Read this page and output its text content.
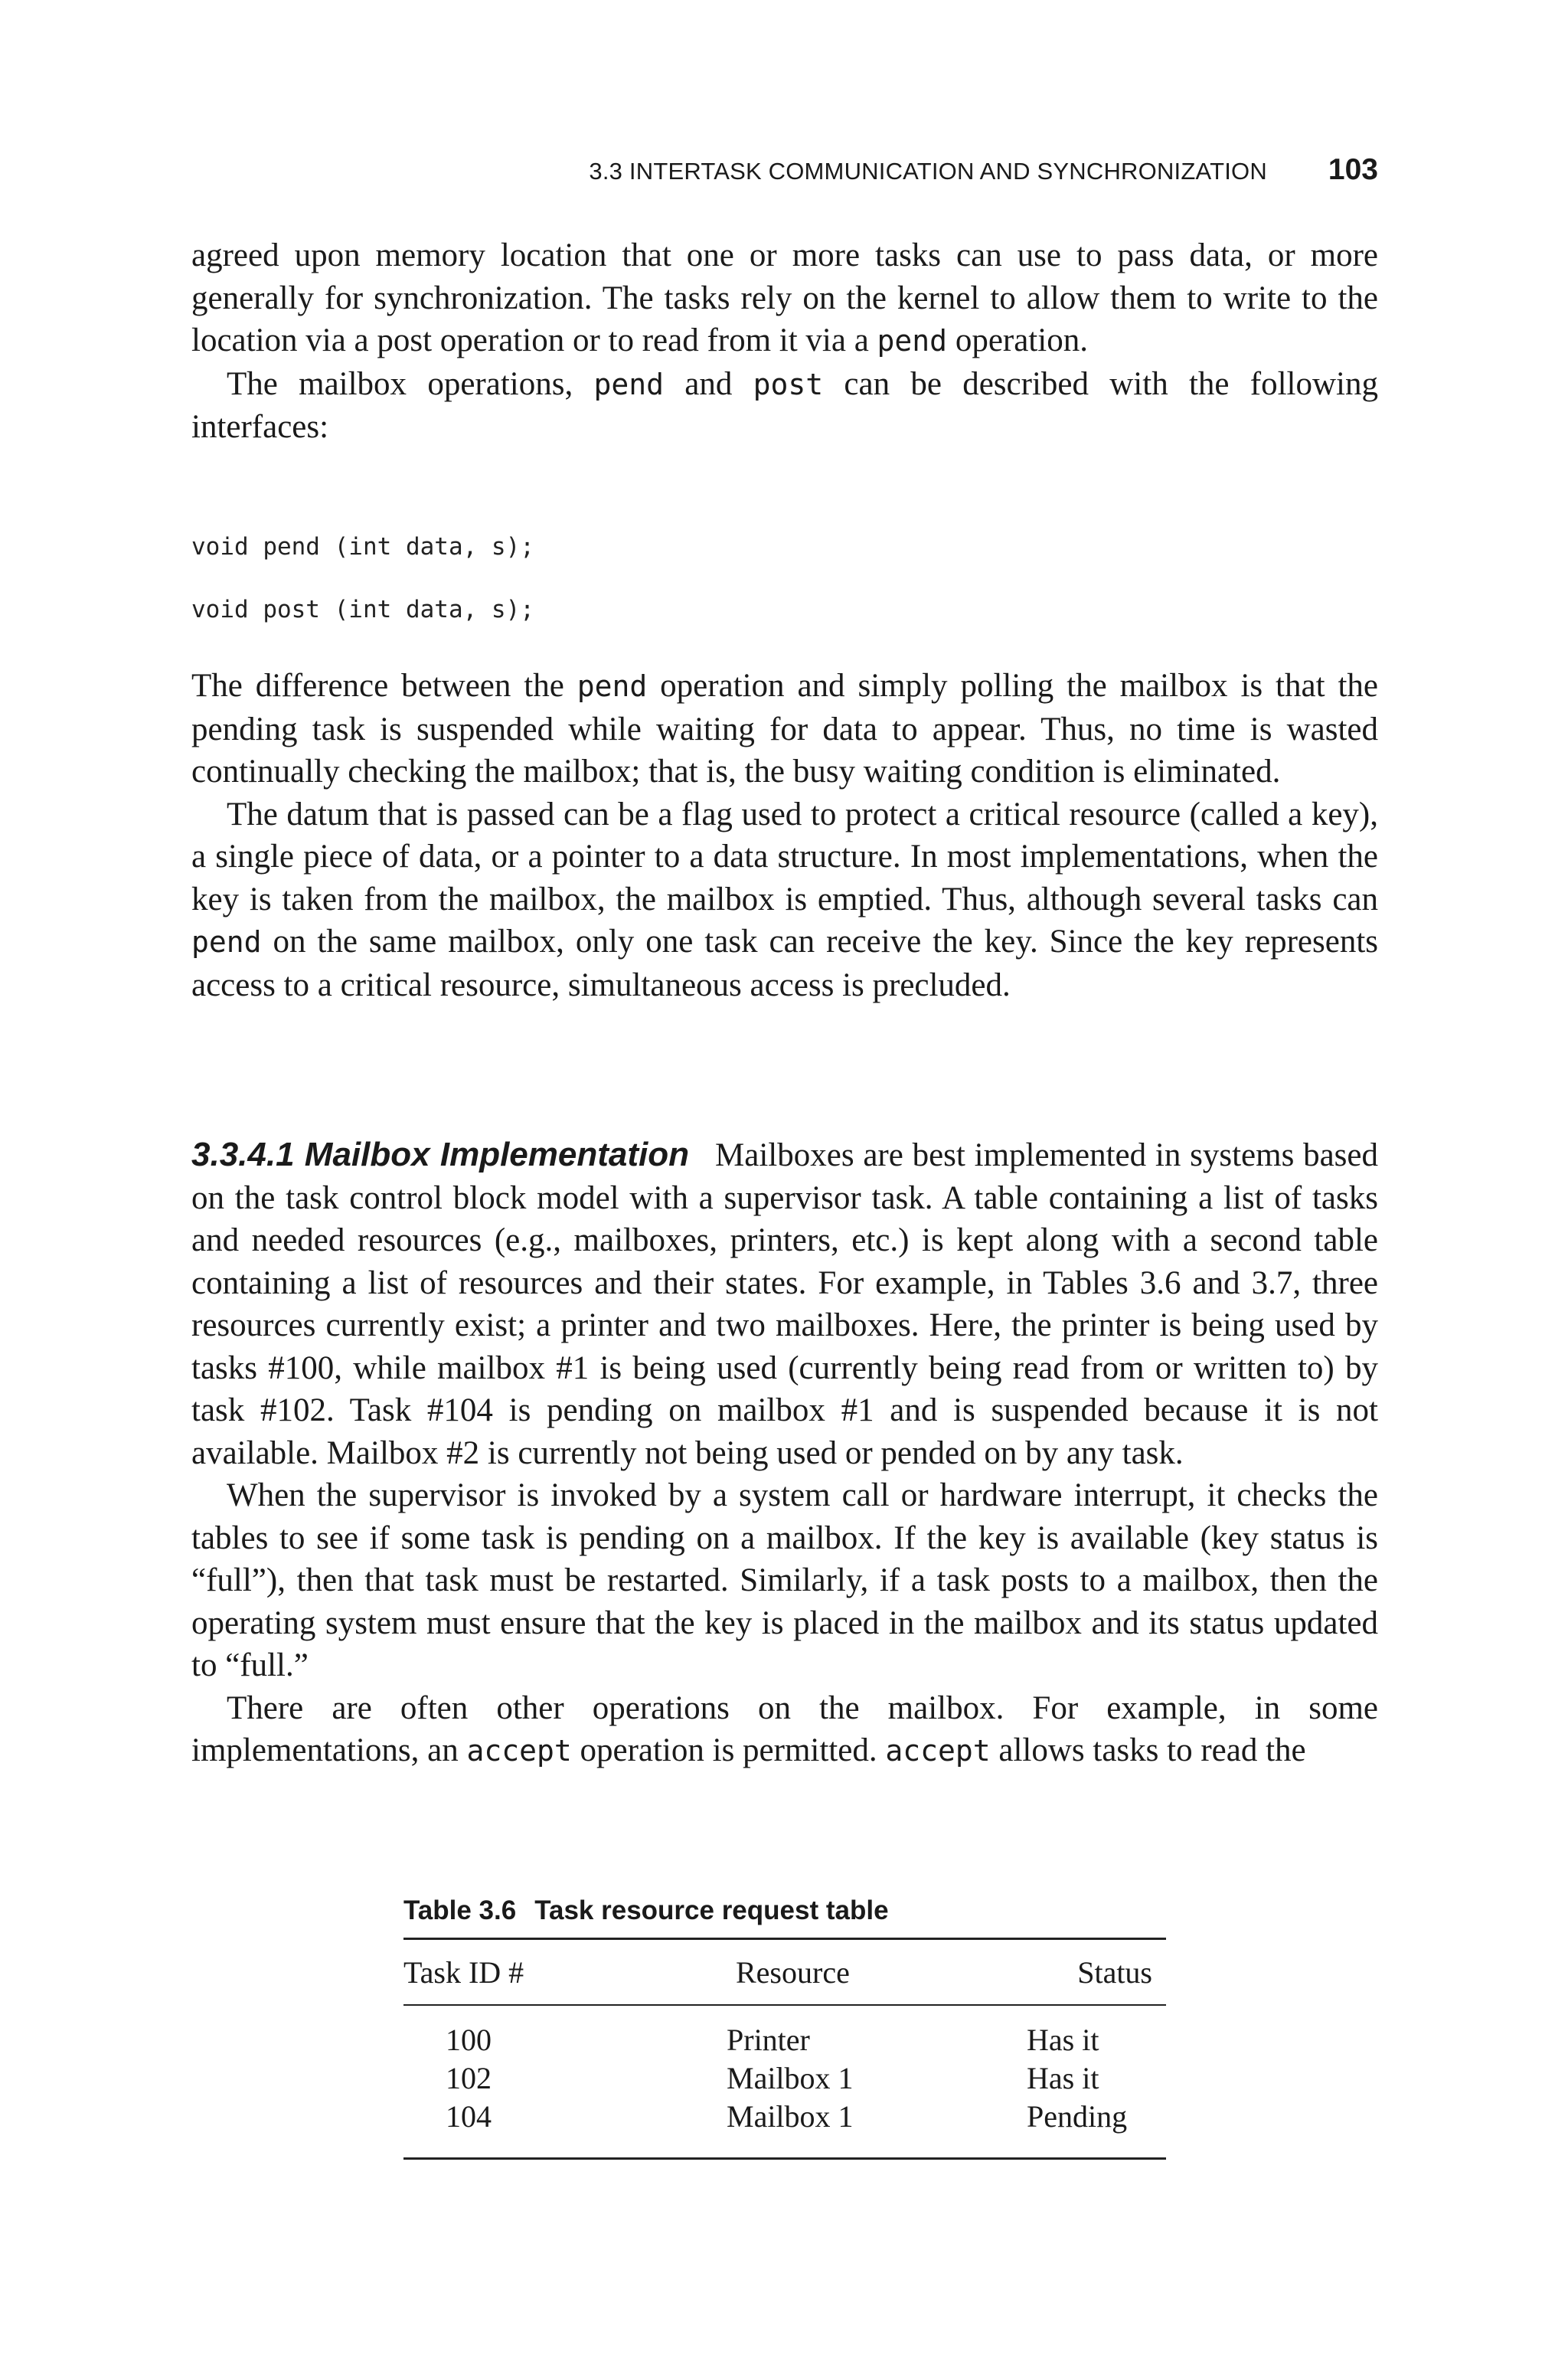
3.3 INTERTASK COMMUNICATION AND SYNCHRONIZATION 103

agreed upon memory location that one or more tasks can use to pass data, or more generally for synchronization. The tasks rely on the kernel to allow them to write to the location via a post operation or to read from it via a pend operation.

The mailbox operations, pend and post can be described with the following interfaces:

void pend (int data, s);
void post (int data, s);

The difference between the pend operation and simply polling the mailbox is that the pending task is suspended while waiting for data to appear. Thus, no time is wasted continually checking the mailbox; that is, the busy waiting condition is eliminated.

The datum that is passed can be a flag used to protect a critical resource (called a key), a single piece of data, or a pointer to a data structure. In most implementations, when the key is taken from the mailbox, the mailbox is emptied. Thus, although several tasks can pend on the same mailbox, only one task can receive the key. Since the key represents access to a critical resource, simultaneous access is precluded.

3.3.4.1 Mailbox Implementation Mailboxes are best implemented in systems based on the task control block model with a supervisor task. A table containing a list of tasks and needed resources (e.g., mailboxes, printers, etc.) is kept along with a second table containing a list of resources and their states. For example, in Tables 3.6 and 3.7, three resources currently exist; a printer and two mailboxes. Here, the printer is being used by tasks #100, while mailbox #1 is being used (currently being read from or written to) by task #102. Task #104 is pending on mailbox #1 and is suspended because it is not available. Mailbox #2 is currently not being used or pended on by any task.

When the supervisor is invoked by a system call or hardware interrupt, it checks the tables to see if some task is pending on a mailbox. If the key is available (key status is “full”), then that task must be restarted. Similarly, if a task posts to a mailbox, then the operating system must ensure that the key is placed in the mailbox and its status updated to “full.”

There are often other operations on the mailbox. For example, in some implementations, an accept operation is permitted. accept allows tasks to read the

Table 3.6 Task resource request table
Task ID #	Resource	Status
100	Printer	Has it
102	Mailbox 1	Has it
104	Mailbox 1	Pending
